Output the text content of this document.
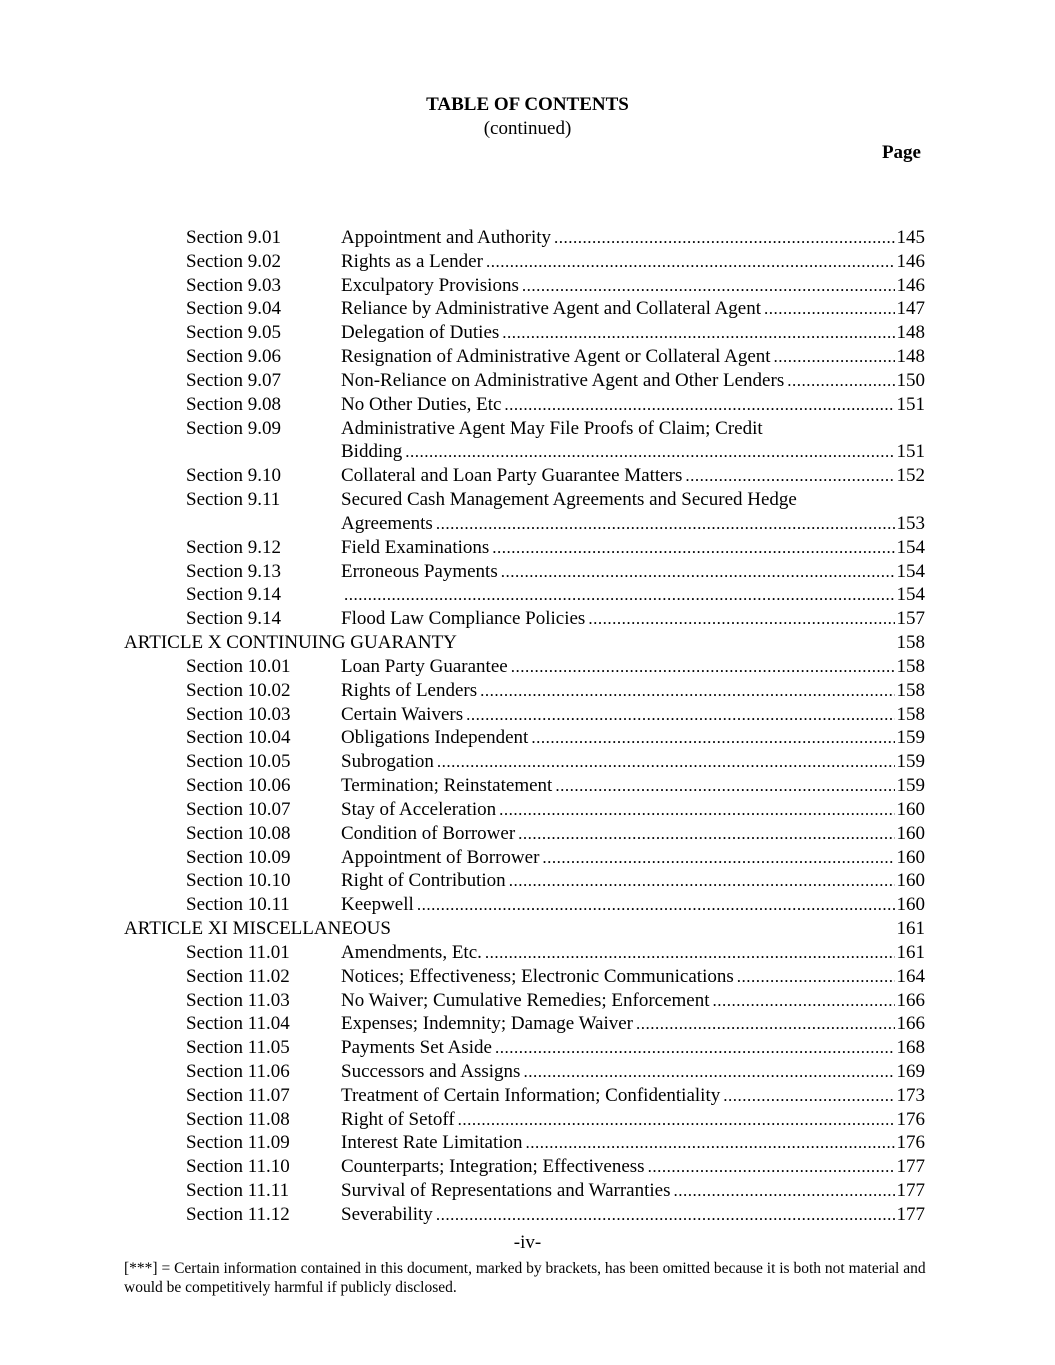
TABLE OF CONTENTS
(continued)
Page
Section 9.01	Appointment and Authority .....	145
Section 9.02	Rights as a Lender .....	146
Section 9.03	Exculpatory Provisions .....	146
Section 9.04	Reliance by Administrative Agent and Collateral Agent .....	147
Section 9.05	Delegation of Duties .....	148
Section 9.06	Resignation of Administrative Agent or Collateral Agent .....	148
Section 9.07	Non-Reliance on Administrative Agent and Other Lenders .....	150
Section 9.08	No Other Duties, Etc .....	151
Section 9.09	Administrative Agent May File Proofs of Claim; Credit
Bidding .....	151
Section 9.10	Collateral and Loan Party Guarantee Matters .....	152
Section 9.11	Secured Cash Management Agreements and Secured Hedge
Agreements .....	153
Section 9.12	Field Examinations .....	154
Section 9.13	Erroneous Payments .....	154
Section 9.14 .....	154
Section 9.14	Flood Law Compliance Policies .....	157
ARTICLE X CONTINUING GUARANTY	158
Section 10.01	Loan Party Guarantee .....	158
Section 10.02	Rights of Lenders .....	158
Section 10.03	Certain Waivers .....	158
Section 10.04	Obligations Independent .....	159
Section 10.05	Subrogation .....	159
Section 10.06	Termination; Reinstatement .....	159
Section 10.07	Stay of Acceleration .....	160
Section 10.08	Condition of Borrower .....	160
Section 10.09	Appointment of Borrower .....	160
Section 10.10	Right of Contribution .....	160
Section 10.11	Keepwell .....	160
ARTICLE XI MISCELLANEOUS	161
Section 11.01	Amendments, Etc. .....	161
Section 11.02	Notices; Effectiveness; Electronic Communications .....	164
Section 11.03	No Waiver; Cumulative Remedies; Enforcement .....	166
Section 11.04	Expenses; Indemnity; Damage Waiver .....	166
Section 11.05	Payments Set Aside .....	168
Section 11.06	Successors and Assigns .....	169
Section 11.07	Treatment of Certain Information; Confidentiality .....	173
Section 11.08	Right of Setoff .....	176
Section 11.09	Interest Rate Limitation .....	176
Section 11.10	Counterparts; Integration; Effectiveness .....	177
Section 11.11	Survival of Representations and Warranties .....	177
Section 11.12	Severability .....	177
-iv-
[***] = Certain information contained in this document, marked by brackets, has been omitted because it is both not material and would be competitively harmful if publicly disclosed.
